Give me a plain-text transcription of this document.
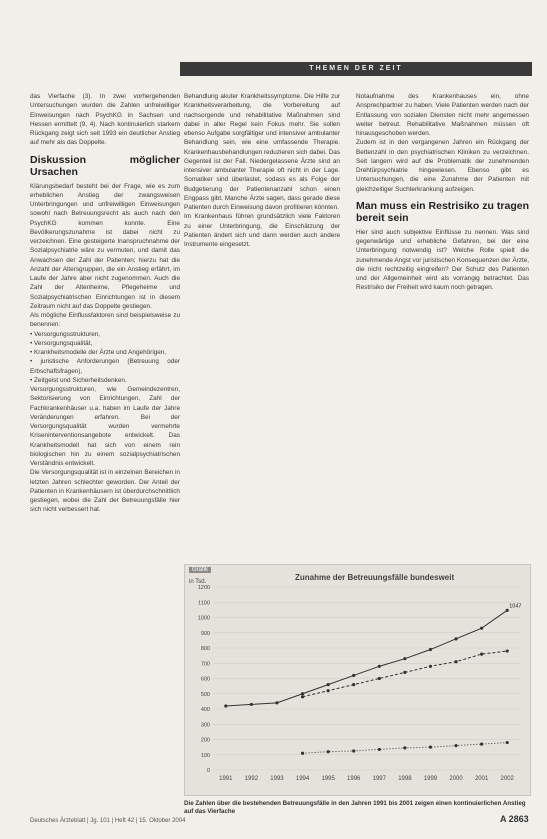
THEMEN DER ZEIT

das Vierfache (3). In zwei vorhergehenden Untersuchungen wurden die Zahlen unfreiwilliger Einweisungen nach PsychKG in Sachsen und Hessen ermittelt (9, 4). Nach kontinuierlich starkem Rückgang zeigt sich seit 1993 ein deutlicher Anstieg auf mehr als das Doppelte.

Diskussion möglicher Ursachen

Klärungsbedarf besteht bei der Frage, wie es zum erheblichen Anstieg der zwangsweisen Unterbringungen und unfreiwilligen Einweisungen sowohl nach Betreuungsrecht als auch nach den PsychKG kommen konnte. Eine Bevölkerungszunahme ist dabei nicht zu verzeichnen. Eine gesteigerte Inanspruchnahme der Sozialpsychiatrie wäre zu vermuten, und damit das Anwachsen der Zahl der Patienten; hierzu hat die Anzahl der Altersgruppen, die ein Anstieg erfährt, im Laufe der Jahre aber nicht zugenommen. Auch die Zahl der Altenheime, Pflegeheime und Sozialpsychiatrischen Einrichtungen ist in diesem Zeitraum nicht auf das Doppelte gestiegen.

Als mögliche Einflussfaktoren sind beispielsweise zu benennen:

• Versorgungsstrukturen,
• Versorgungsqualität,
• Krankheitsmodelle der Ärzte und Angehörigen,
• juristische Anforderungen (Betreuung oder Erbschaftsfragen),
• Zeitgeist und Sicherheitsdenken.

Versorgungsstrukturen, wie Gemeindezentren, Sektorisierung von Einrichtungen, Zahl der Fachkrankenhäuser u.a. haben im Laufe der Jahre Veränderungen erfahren. Bei der Versorgungsqualität wurden vermehrte Kriseninterventionsangebote entwickelt. Das Krankheitsmodell hat sich von einem rein biologischen hin zu einem sozialpsychiatrischen Verständnis entwickelt.

Die Versorgungsqualität ist in einzelnen Bereichen in letzten Jahren schlechter geworden. Der Anteil der Patienten in Krankenhäusern ist überdurchschnittlich gestiegen, wobei die Zahl der Betreuungsfälle hier sich nicht verbessert hat.

Behandlung akuter Krankheitssymptome. Die Hilfe zur Krankheitsverarbeitung, die Vorbereitung auf nachsorgende und rehabilitative Maßnahmen sind dabei in aller Regel kein Fokus mehr. Sie sollen ebenso Aufgabe sorgfältiger und intensiver ambulanter Behandlung sein, wie eine umfassende Therapie. Krankenhausbehandlungen reduzieren sich dabei. Das Gegenteil ist der Fall. Niedergelassene Ärzte sind an intensiver ambulanter Therapie oft nicht in der Lage. Somatiker sind überlastet, sodass es als Folge der Budgetierung der Patientenanzahl schon einen Engpass gibt. Manche Ärzte sagen, dass gerade diese Patienten durch Einweisung davon profitieren könnten.

Im Krankenhaus führen grundsätzlich viele Faktoren zu einer Unterbringung, die Einschätzung der Patienten ändert sich und dann werden auch andere Instrumente eingesetzt.

Notaufnahme des Krankenhauses ein, ohne Ansprechpartner zu haben. Viele Patienten werden nach der Entlassung von sozialen Diensten nicht mehr angemessen weiter betreut. Rehabilitative Maßnahmen müssen oft hinausgeschoben werden.

Zudem ist in den vergangenen Jahren ein Rückgang der Bettenzahl in den psychiatrischen Kliniken zu verzeichnen. Seit langem wird auf die Problematik der zunehmenden Drehtürpsychiatrie hingewiesen. Ebenso gibt es Untersuchungen, die eine Zunahme der Patienten mit gleichzeitiger Suchterkrankung aufzeigen.

Man muss ein Restrisiko zu tragen bereit sein

Hier sind auch subjektive Einflüsse zu nennen. Was sind gegenwärtige und erhebliche Gefahren, bei der eine Unterbringung notwendig ist? Welche Rolle spielt die zunehmende Angst vor juristischen Konsequenzen der Ärzte, die nicht rechtzeitig eingreifen? Der Schutz des Patienten und der Allgemeinheit wird als vorrangig betrachtet. Das Restrisiko der Freiheit wird kaum noch getragen.

Grafik
Zunahme der Betreuungsfälle bundesweit
in Tsd.
0
100
200
300
400
500
600
700
800
900
1000
1100
1200
1991 1992 1993 1994 1995 1996 1997 1998 1999 2000 2001 2002
1047
Die Zahlen über die bestehenden Betreuungsfälle in den Jahren 1991 bis 2001 zeigen einen kontinuierlichen Anstieg auf das Vierfache
Deutsches Ärzteblatt | Jg. 101 | Heft 42 | 15. Oktober 2004	A 2863
